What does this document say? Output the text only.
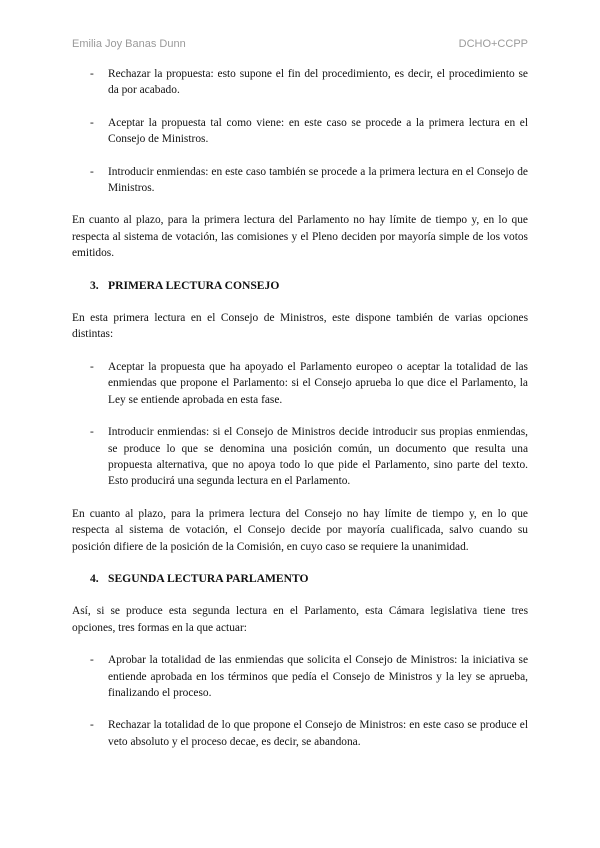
Emilia Joy Banas Dunn	DCHO+CCPP
-	Rechazar la propuesta: esto supone el fin del procedimiento, es decir, el procedimiento se da por acabado.
-	Aceptar la propuesta tal como viene: en este caso se procede a la primera lectura en el Consejo de Ministros.
-	Introducir enmiendas: en este caso también se procede a la primera lectura en el Consejo de Ministros.

En cuanto al plazo, para la primera lectura del Parlamento no hay límite de tiempo y, en lo que respecta al sistema de votación, las comisiones y el Pleno deciden por mayoría simple de los votos emitidos.

3. PRIMERA LECTURA CONSEJO

En esta primera lectura en el Consejo de Ministros, este dispone también de varias opciones distintas:

-	Aceptar la propuesta que ha apoyado el Parlamento europeo o aceptar la totalidad de las enmiendas que propone el Parlamento: si el Consejo aprueba lo que dice el Parlamento, la Ley se entiende aprobada en esta fase.
-	Introducir enmiendas: si el Consejo de Ministros decide introducir sus propias enmiendas, se produce lo que se denomina una posición común, un documento que resulta una propuesta alternativa, que no apoya todo lo que pide el Parlamento, sino parte del texto. Esto producirá una segunda lectura en el Parlamento.

En cuanto al plazo, para la primera lectura del Consejo no hay límite de tiempo y, en lo que respecta al sistema de votación, el Consejo decide por mayoría cualificada, salvo cuando su posición difiere de la posición de la Comisión, en cuyo caso se requiere la unanimidad.

4. SEGUNDA LECTURA PARLAMENTO

Así, si se produce esta segunda lectura en el Parlamento, esta Cámara legislativa tiene tres opciones, tres formas en la que actuar:

-	Aprobar la totalidad de las enmiendas que solicita el Consejo de Ministros: la iniciativa se entiende aprobada en los términos que pedía el Consejo de Ministros y la ley se aprueba, finalizando el proceso.
-	Rechazar la totalidad de lo que propone el Consejo de Ministros: en este caso se produce el veto absoluto y el proceso decae, es decir, se abandona.
